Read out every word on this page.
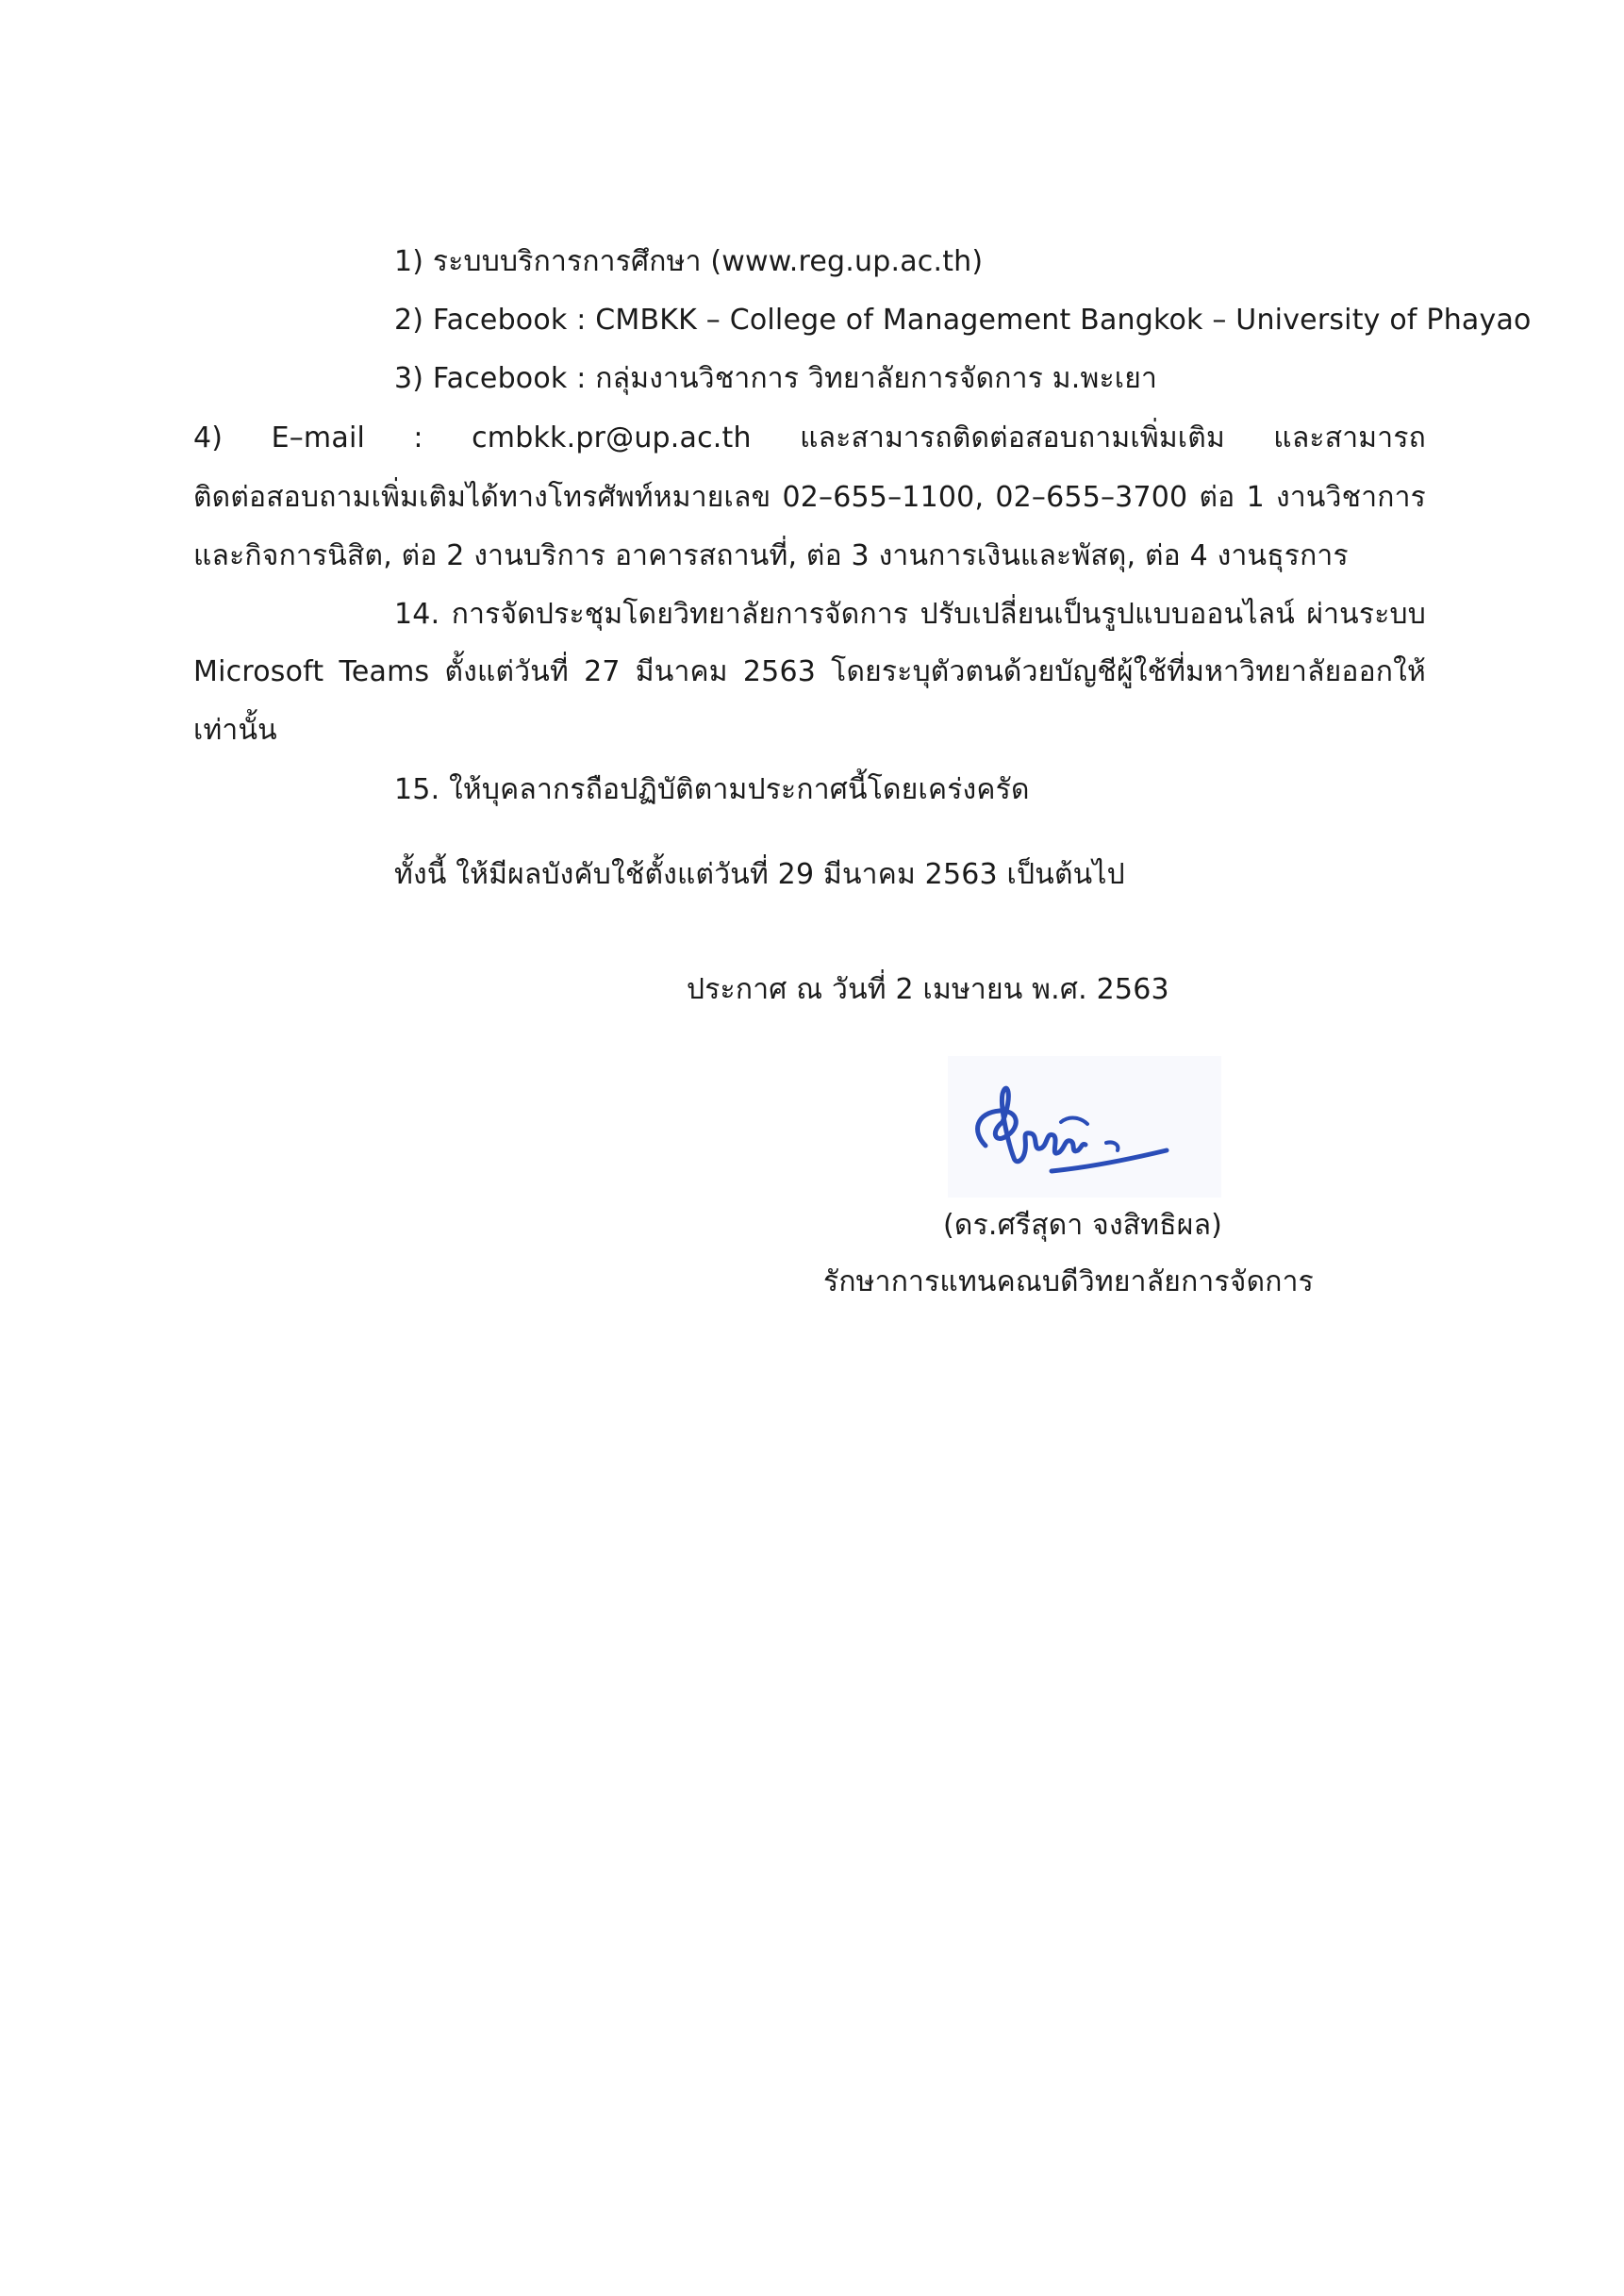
1) ระบบบริการการศึกษา (www.reg.up.ac.th)
2) Facebook : CMBKK – College of Management Bangkok – University of Phayao
3) Facebook : กลุ่มงานวิชาการ วิทยาลัยการจัดการ ม.พะเยา
4) E–mail : cmbkk.pr@up.ac.th และสามารถติดต่อสอบถามเพิ่มเติม และสามารถ
ติดต่อสอบถามเพิ่มเติมได้ทางโทรศัพท์หมายเลข 02–655–1100, 02–655–3700 ต่อ 1 งานวิชาการ
และกิจการนิสิต, ต่อ 2 งานบริการ อาคารสถานที่, ต่อ 3 งานการเงินและพัสดุ, ต่อ 4 งานธุรการ
14. การจัดประชุมโดยวิทยาลัยการจัดการ ปรับเปลี่ยนเป็นรูปแบบออนไลน์ ผ่านระบบ
Microsoft Teams ตั้งแต่วันที่ 27 มีนาคม 2563 โดยระบุตัวตนด้วยบัญชีผู้ใช้ที่มหาวิทยาลัยออกให้
เท่านั้น
15. ให้บุคลากรถือปฏิบัติตามประกาศนี้โดยเคร่งครัด
ทั้งนี้ ให้มีผลบังคับใช้ตั้งแต่วันที่ 29 มีนาคม 2563 เป็นต้นไป
ประกาศ ณ วันที่ 2 เมษายน พ.ศ. 2563
(ดร.ศรีสุดา จงสิทธิผล)
รักษาการแทนคณบดีวิทยาลัยการจัดการ
